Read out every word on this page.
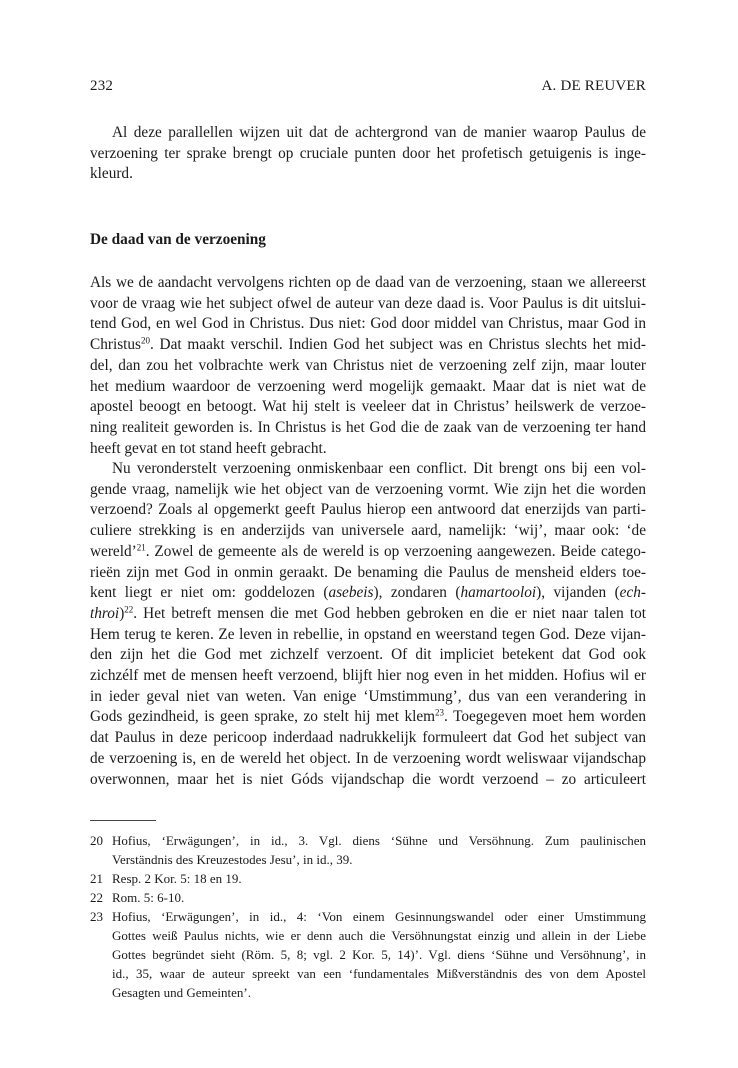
232	A. DE REUVER
Al deze parallellen wijzen uit dat de achtergrond van de manier waarop Paulus de
verzoening ter sprake brengt op cruciale punten door het profetisch getuigenis is inge-
kleurd.
De daad van de verzoening
Als we de aandacht vervolgens richten op de daad van de verzoening, staan we allereerst
voor de vraag wie het subject ofwel de auteur van deze daad is. Voor Paulus is dit uitslui-
tend God, en wel God in Christus. Dus niet: God door middel van Christus, maar God in
Christus$^{20}$. Dat maakt verschil. Indien God het subject was en Christus slechts het mid-
del, dan zou het volbrachte werk van Christus niet de verzoening zelf zijn, maar louter
het medium waardoor de verzoening werd mogelijk gemaakt. Maar dat is niet wat de
apostel beoogt en betoogt. Wat hij stelt is veeleer dat in Christus’ heilswerk de verzoe-
ning realiteit geworden is. In Christus is het God die de zaak van de verzoening ter hand
heeft gevat en tot stand heeft gebracht.
Nu veronderstelt verzoening onmiskenbaar een conflict. Dit brengt ons bij een vol-
gende vraag, namelijk wie het object van de verzoening vormt. Wie zijn het die worden
verzoend? Zoals al opgemerkt geeft Paulus hierop een antwoord dat enerzijds van parti-
culiere strekking is en anderzijds van universele aard, namelijk: ‘wij’, maar ook: ‘de
wereld’$^{21}$. Zowel de gemeente als de wereld is op verzoening aangewezen. Beide catego-
rieën zijn met God in onmin geraakt. De benaming die Paulus de mensheid elders toe-
kent liegt er niet om: goddelozen (asebeis), zondaren (hamartooloi), vijanden (ech-
throi)$^{22}$. Het betreft mensen die met God hebben gebroken en die er niet naar talen tot
Hem terug te keren. Ze leven in rebellie, in opstand en weerstand tegen God. Deze vijan-
den zijn het die God met zichzelf verzoent. Of dit impliciet betekent dat God ook
zichzélf met de mensen heeft verzoend, blijft hier nog even in het midden. Hofius wil er
in ieder geval niet van weten. Van enige ‘Umstimmung’, dus van een verandering in
Gods gezindheid, is geen sprake, zo stelt hij met klem$^{23}$. Toegegeven moet hem worden
dat Paulus in deze pericoop inderdaad nadrukkelijk formuleert dat God het subject van
de verzoening is, en de wereld het object. In de verzoening wordt weliswaar vijandschap
overwonnen, maar het is niet Góds vijandschap die wordt verzoend – zo articuleert
20 Hofius, ‘Erwägungen’, in id., 3. Vgl. diens ‘Sühne und Versöhnung. Zum paulinischen
Verständnis des Kreuzestodes Jesu’, in id., 39.
21 Resp. 2 Kor. 5: 18 en 19.
22 Rom. 5: 6-10.
23 Hofius, ‘Erwägungen’, in id., 4: ‘Von einem Gesinnungswandel oder einer Umstimmung
Gottes weiß Paulus nichts, wie er denn auch die Versöhnungstat einzig und allein in der Liebe
Gottes begründet sieht (Röm. 5, 8; vgl. 2 Kor. 5, 14)’. Vgl. diens ‘Sühne und Versöhnung’, in
id., 35, waar de auteur spreekt van een ‘fundamentales Mißverständnis des von dem Apostel
Gesagten und Gemeinten’.
